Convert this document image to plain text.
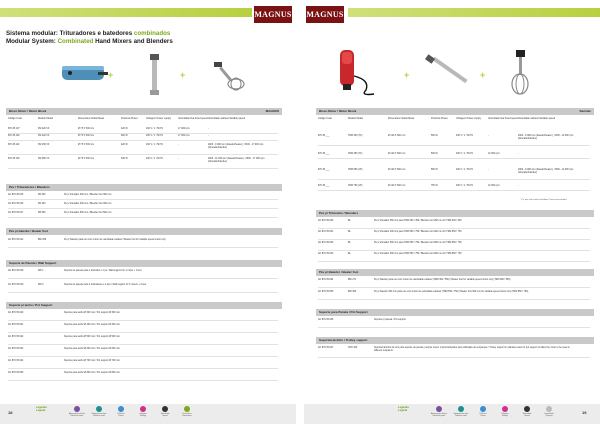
MAGNUS
Sistema modular: Trituradores e batedores combinados
Modular System: Combinated Hand Mixers and Blenders
+	+
Bloco Motor / Motor Block	MAGNUS
Código Code	Modelo Model	Dimensões Global Meas.	Potência Power	Voltagem Power supply	Velocidade fixa Fixed speed Velocidade variável Variable speed
870.35.107	FM 420 VF	Ø 75 X 500 mm	420 W	230 V / 1 / 50 Hz	17 000 rpm	-
870.35.162	FM 420 VF	Ø 75 X 500 mm	600 W	230 V / 1 / 50 Hz	17 000 rpm	-
870.35.110	FM 450 VF	Ø 75 X 500 mm	420 W	230 V / 1 / 50 Hz	-	2000 - 9 000 rpm (batedor/beater) ; 6000 - 17 000 rpm (triturador/blender)
870.35.160	FM 650 VF	Ø 75 X 500 mm	640 W	230 V / 1 / 50 Hz	-	2000 - 11 000 rpm (batedor/beater) ; 6000 - 17 000 rpm (triturador/blender)
Pés / Trituradores / Blenders
AC.870.35.015	FB 300	Pé p/ triturador 300 mm / Blender foot 300 mm
AC.870.35.016	FB 400	Pé p/ triturador 400 mm / Blender foot 400 mm
AC.870.35.017	FB 500	Pé p/ triturador 500 mm / Blender foot 500 mm
Pés p/ batedor / Beater foot
AC.870.35.012	BW 250	Pé p/ batedor para uso com motor de velocidade variável / Beater foot for variable speed motor only
Suporte de Parede / Wall Support
AC.870.35.018	WP 1	Suporte de parede para 1 triturador e 1 pé / Wall support for 1 mixer + 1 foot
AC.870.35.019	WP 2	Suporte de parede para 2 trituradores e 2 pés / Wall support for 2 mixers + 2 feet
Suporte p/ tacho / Pot Support
AC.870.35.020	Suporte para tacho Ø 300 mm / Pot support Ø 300 mm
AC.870.35.021	Suporte para tacho Ø 400 mm / Pot support Ø 400 mm
AC.870.35.022	Suporte para tacho Ø 500 mm / Pot support Ø 500 mm
AC.870.35.023	Suporte para tacho Ø 600 mm / Pot support Ø 600 mm
AC.870.35.024	Suporte para tacho Ø 700 mm / Pot support Ø 700 mm
AC.870.35.025	Suporte para tacho Ø 800 mm / Pot support Ø 800 mm
MAGNUS
+	+
Bloco Motor / Motor Block	Sammic
Código Code	Modelo Model	Dimensões Global Meas.	Potência Power	Voltagem Power supply	Velocidade fixa Fixed speed Velocidade variável Variable speed
870.35.___	TRM 300 (TF)	Ø 120 X 500 mm	500 W	230 V / 1 / 50 Hz	-	2000 - 9 000 rpm (batedor/beater) ; 2500 - 12 000 rpm (triturador/blender)
870.35.___	TRM 350 (TF)	Ø 120 X 500 mm	500 W	230 V / 1 / 50 Hz	12 000 rpm	-
870.35.___	TRM 550 (VF)	Ø 120 X 500 mm	550 W	230 V / 1 / 50 Hz	-	2000 - 9 000 rpm (batedor/beater) ; 2500 - 12 000 rpm (triturador/blender)
870.35.___	TRM 750 (VF)	Ø 120 X 500 mm	750 W	230 V / 1 / 50 Hz	12 000 rpm	-
* Os pés não estão incluídos / Feet not included
Pés p/ Triturador / Blenders
AC.870.35.030	BL	Pé p/ triturador 250 mm para TRM 300 / 350 / Blender foot 250 mm for TRM 300 / 350
AC.870.35.031	BL	Pé p/ triturador 400 mm para TRM 550 / 750 / Blender foot 400 mm for TRM 550 / 750
AC.870.35.032	BL	Pé p/ triturador 500 mm para TRM 550 / 750 / Blender foot 500 mm for TRM 550 / 750
AC.870.35.033	BL	Pé p/ triturador 600 mm para TRM 550 / 750 / Blender foot 600 mm for TRM 550 / 750
Pés p/ Batedor / Beater foot
AC.870.35.034	BW 271	Pé p/ batedor para uso com motor de velocidade variável (TRM 300 / 550) / Beater foot for variable speed motor only (TRM 300 / 550)
AC.870.35.035	BW 300	Pé p/ batedor 300 mm para uso com motor de velocidade variável (TRM 550 / 750) / Beater foot 300 mm for variable speed motor only (TRM 550 / 750)
Suporte para Panela / Pot Support
AC.870.35.036	Suporte p/ panela / Pot support
Suporte/carrinho / Trolley support
AC.870.35.037	TRO 400	Suporte/carrinho de inox para suporte de panela, permite mover o bloco/triturador para utilização de recipientes / Trolley support in stainless steel for pot support to allow the mixer to be used in different recipients
18	19
Legenda
Legend
Legenda
Legend
Alimentação elétrica
Electrical power
Equipamento Inox
Stainless steel
Potência
Power
Voltagem
Voltage
Velocidade
Speed
Dimensões
Dimensions
Alimentação elétrica
Electrical power
Equipamento Inox
Stainless steel
Potência
Power
Voltagem
Voltage
Velocidade
Speed
Capacidade
Capacity
